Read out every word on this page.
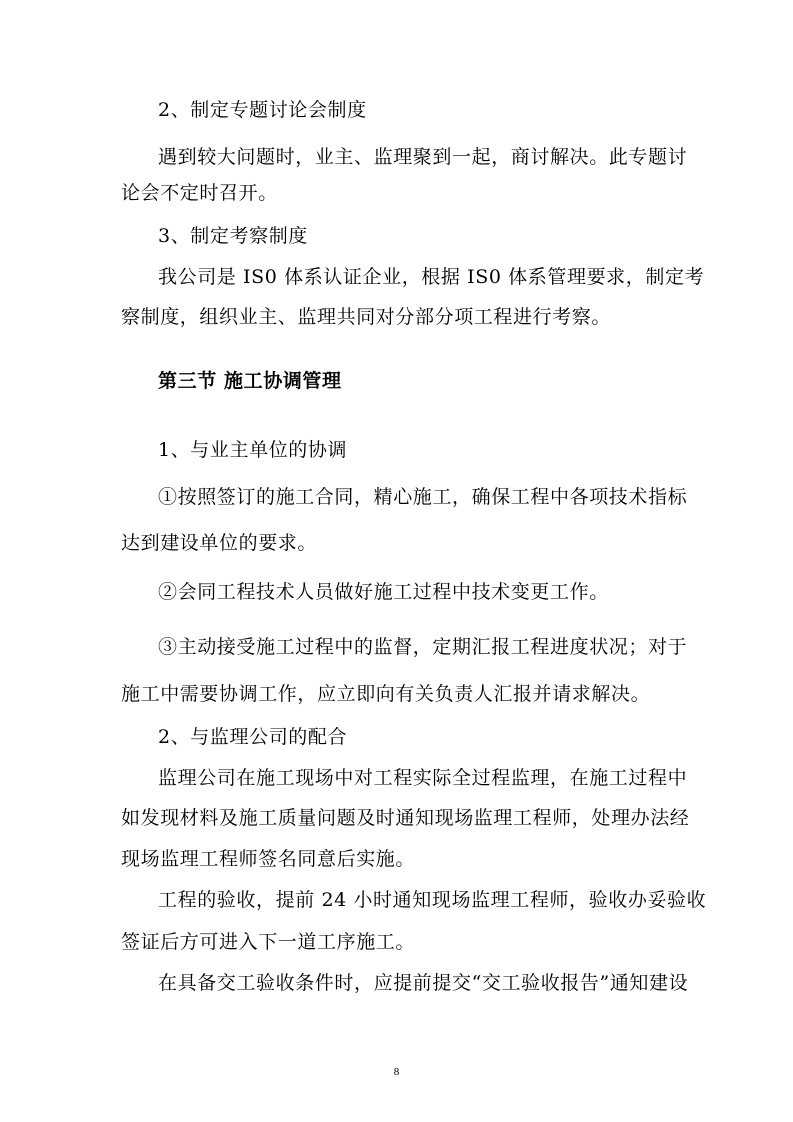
2、制定专题讨论会制度
遇到较大问题时，业主、监理聚到一起，商讨解决。此专题讨
论会不定时召开。
3、制定考察制度
我公司是 IS0 体系认证企业，根据 IS0 体系管理要求，制定考
察制度，组织业主、监理共同对分部分项工程进行考察。
第三节 施工协调管理
1、与业主单位的协调
①按照签订的施工合同，精心施工，确保工程中各项技术指标
达到建设单位的要求。
②会同工程技术人员做好施工过程中技术变更工作。
③主动接受施工过程中的监督，定期汇报工程进度状况；对于
施工中需要协调工作，应立即向有关负责人汇报并请求解决。
2、与监理公司的配合
监理公司在施工现场中对工程实际全过程监理，在施工过程中
如发现材料及施工质量问题及时通知现场监理工程师，处理办法经
现场监理工程师签名同意后实施。
工程的验收，提前 24 小时通知现场监理工程师，验收办妥验收
签证后方可进入下一道工序施工。
在具备交工验收条件时，应提前提交“交工验收报告”通知建设
8
